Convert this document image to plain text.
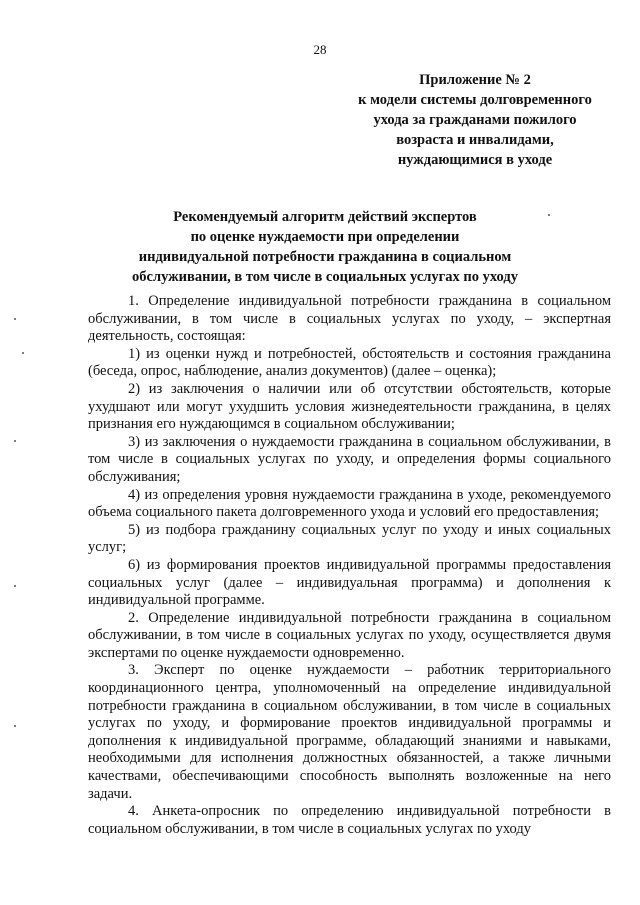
28
Приложение № 2
к модели системы долговременного
ухода за гражданами пожилого
возраста и инвалидами,
нуждающимися в уходе
Рекомендуемый алгоритм действий экспертов
по оценке нуждаемости при определении
индивидуальной потребности гражданина в социальном
обслуживании, в том числе в социальных услугах по уходу

1. Определение индивидуальной потребности гражданина в социальном обслуживании, в том числе в социальных услугах по уходу, – экспертная деятельность, состоящая:

1) из оценки нужд и потребностей, обстоятельств и состояния гражданина (беседа, опрос, наблюдение, анализ документов) (далее – оценка);

2) из заключения о наличии или об отсутствии обстоятельств, которые ухудшают или могут ухудшить условия жизнедеятельности гражданина, в целях признания его нуждающимся в социальном обслуживании;

3) из заключения о нуждаемости гражданина в социальном обслуживании, в том числе в социальных услугах по уходу, и определения формы социального обслуживания;

4) из определения уровня нуждаемости гражданина в уходе, рекомендуемого объема социального пакета долговременного ухода и условий его предоставления;

5) из подбора гражданину социальных услуг по уходу и иных социальных услуг;

6) из формирования проектов индивидуальной программы предоставления социальных услуг (далее – индивидуальная программа) и дополнения к индивидуальной программе.

2. Определение индивидуальной потребности гражданина в социальном обслуживании, в том числе в социальных услугах по уходу, осуществляется двумя экспертами по оценке нуждаемости одновременно.

3. Эксперт по оценке нуждаемости – работник территориального координационного центра, уполномоченный на определение индивидуальной потребности гражданина в социальном обслуживании, в том числе в социальных услугах по уходу, и формирование проектов индивидуальной программы и дополнения к индивидуальной программе, обладающий знаниями и навыками, необходимыми для исполнения должностных обязанностей, а также личными качествами, обеспечивающими способность выполнять возложенные на него задачи.

4. Анкета-опросник по определению индивидуальной потребности в социальном обслуживании, в том числе в социальных услугах по уходу
